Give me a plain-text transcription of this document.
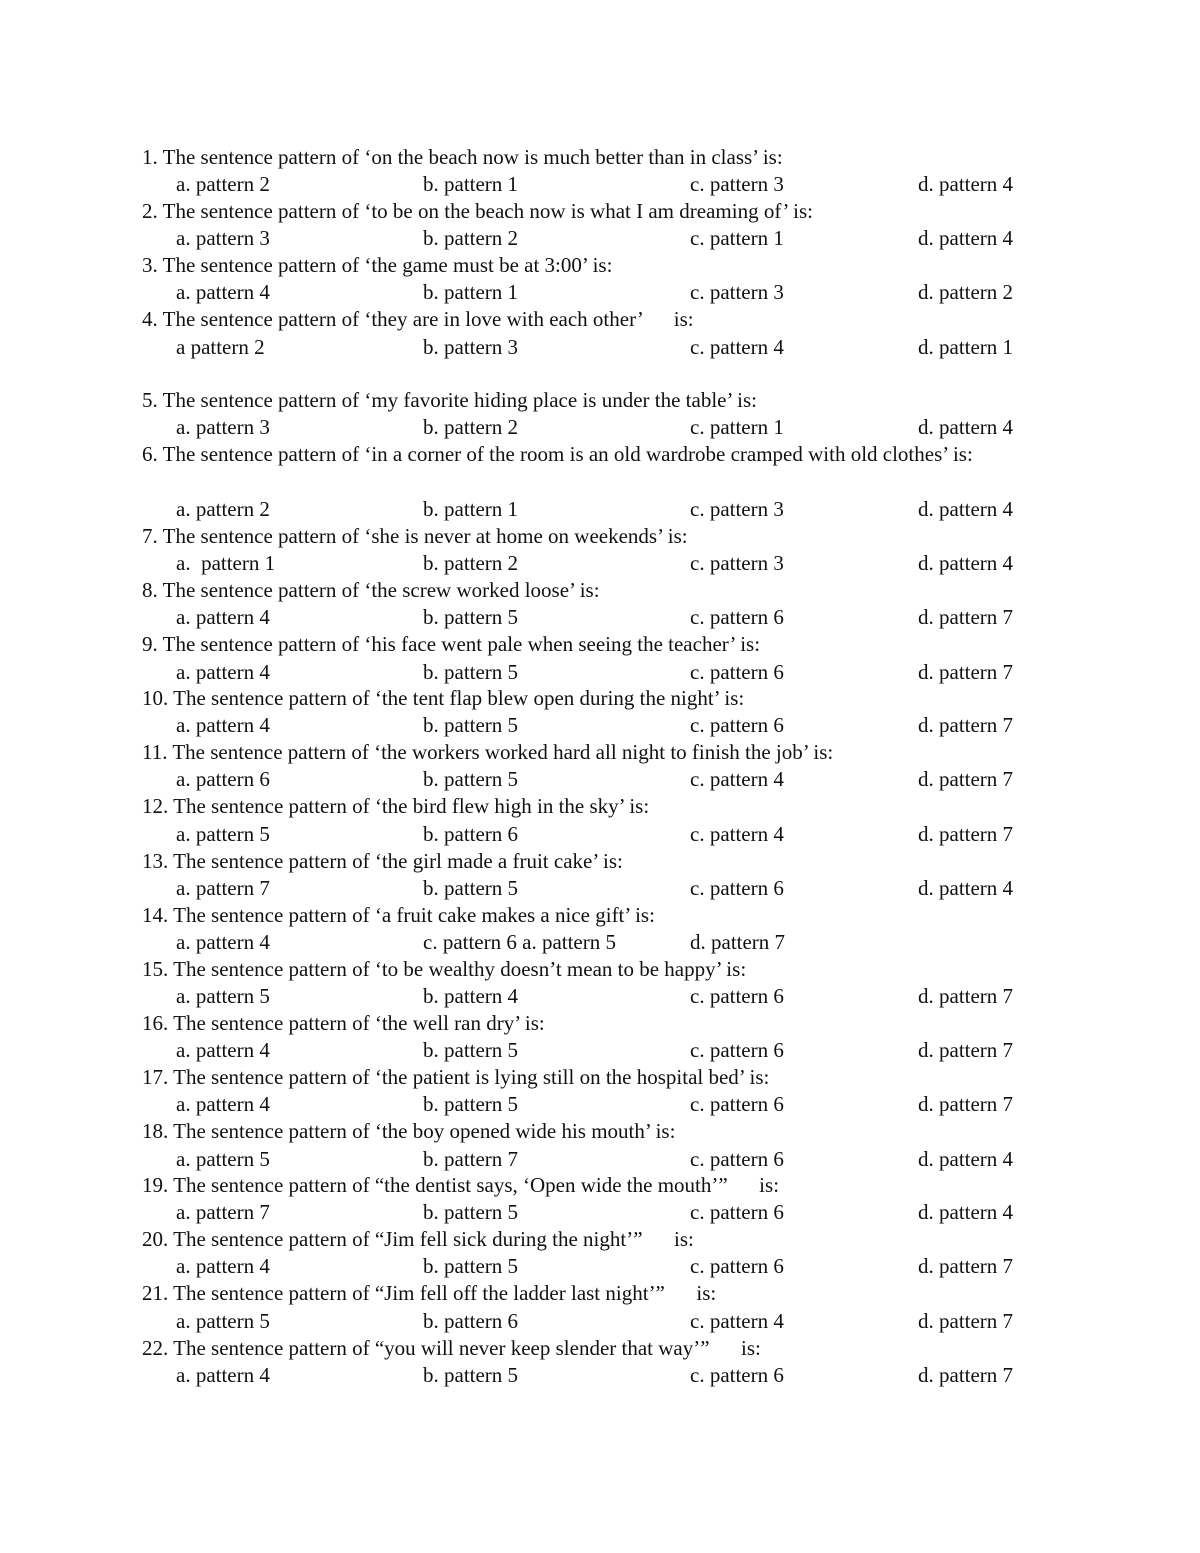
1. The sentence pattern of ‘on the beach now is much better than in class’ is:
a. pattern 2	b. pattern 1	c. pattern 3	d. pattern 4
2. The sentence pattern of ‘to be on the beach now is what I am dreaming of’ is:
a. pattern 3	b. pattern 2	c. pattern 1	d. pattern 4
3. The sentence pattern of ‘the game must be at 3:00’ is:
a. pattern 4	b. pattern 1	c. pattern 3	d. pattern 2
4. The sentence pattern of ‘they are in love with each other’      is:
a pattern 2	b. pattern 3	c. pattern 4	d. pattern 1
5. The sentence pattern of ‘my favorite hiding place is under the table’ is:
a. pattern 3	b. pattern 2	c. pattern 1	d. pattern 4
6. The sentence pattern of ‘in a corner of the room is an old wardrobe cramped with old clothes’ is:
a. pattern 2	b. pattern 1	c. pattern 3	d. pattern 4
7. The sentence pattern of ‘she is never at home on weekends’ is:
a.  pattern 1	b. pattern 2	c. pattern 3	d. pattern 4
8. The sentence pattern of ‘the screw worked loose’ is:
a. pattern 4	b. pattern 5	c. pattern 6	d. pattern 7
9. The sentence pattern of ‘his face went pale when seeing the teacher’ is:
a. pattern 4	b. pattern 5	c. pattern 6	d. pattern 7
10. The sentence pattern of ‘the tent flap blew open during the night’ is:
a. pattern 4	b. pattern 5	c. pattern 6	d. pattern 7
11. The sentence pattern of ‘the workers worked hard all night to finish the job’ is:
a. pattern 6	b. pattern 5	c. pattern 4	d. pattern 7
12. The sentence pattern of ‘the bird flew high in the sky’ is:
a. pattern 5	b. pattern 6	c. pattern 4	d. pattern 7
13. The sentence pattern of ‘the girl made a fruit cake’ is:
a. pattern 7	b. pattern 5	c. pattern 6	d. pattern 4
14. The sentence pattern of ‘a fruit cake makes a nice gift’ is:
a. pattern 4	c. pattern 6 a. pattern 5	d. pattern 7
15. The sentence pattern of ‘to be wealthy doesn’t mean to be happy’ is:
a. pattern 5	b. pattern 4	c. pattern 6	d. pattern 7
16. The sentence pattern of ‘the well ran dry’ is:
a. pattern 4	b. pattern 5	c. pattern 6	d. pattern 7
17. The sentence pattern of ‘the patient is lying still on the hospital bed’ is:
a. pattern 4	b. pattern 5	c. pattern 6	d. pattern 7
18. The sentence pattern of ‘the boy opened wide his mouth’ is:
a. pattern 5	b. pattern 7	c. pattern 6	d. pattern 4
19. The sentence pattern of “the dentist says, ‘Open wide the mouth’”      is:
a. pattern 7	b. pattern 5	c. pattern 6	d. pattern 4
20. The sentence pattern of “Jim fell sick during the night’”      is:
a. pattern 4	b. pattern 5	c. pattern 6	d. pattern 7
21. The sentence pattern of “Jim fell off the ladder last night’”      is:
a. pattern 5	b. pattern 6	c. pattern 4	d. pattern 7
22. The sentence pattern of “you will never keep slender that way’”      is:
a. pattern 4	b. pattern 5	c. pattern 6	d. pattern 7
